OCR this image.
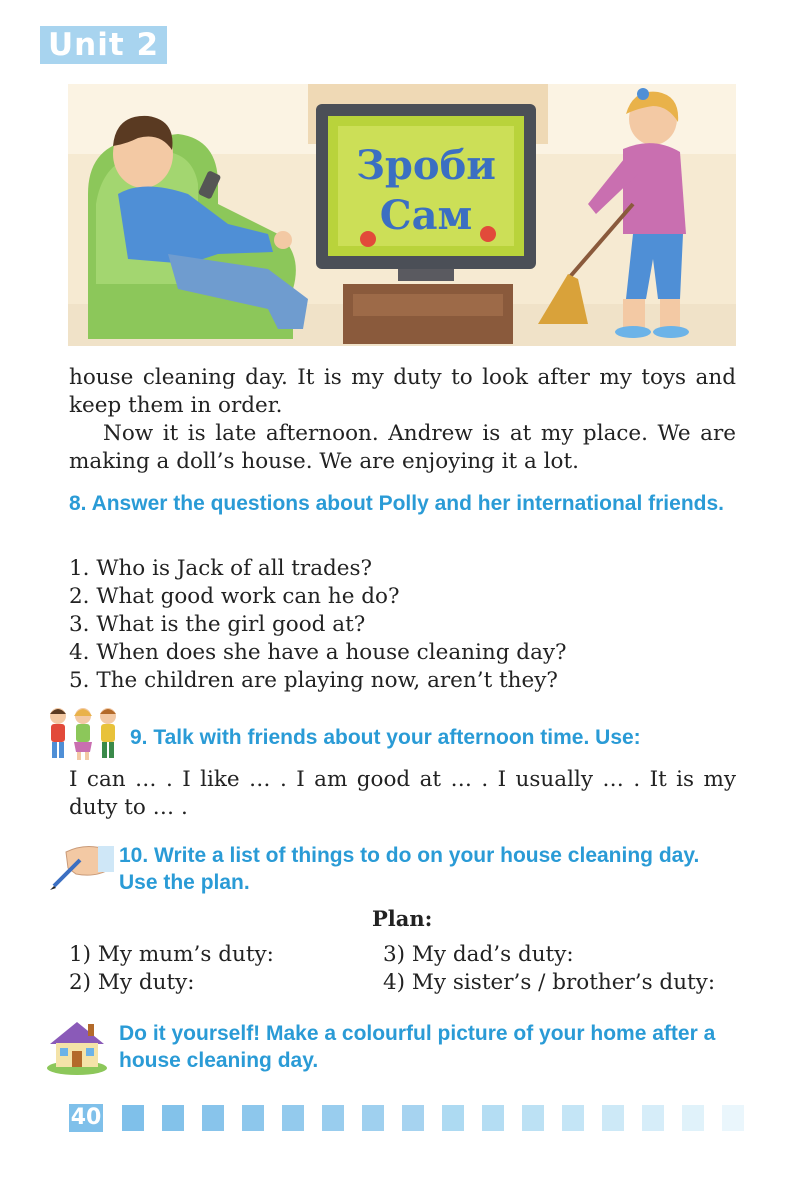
Unit 2
Зроби
Сам

house cleaning day. It is my duty to look after my toys and keep them in order.

Now it is late afternoon. Andrew is at my place. We are making a doll’s house. We are enjoying it a lot.

8. Answer the questions about Polly and her international friends.

1. Who is Jack of all trades?
2. What good work can he do?
3. What is the girl good at?
4. When does she have a house cleaning day?
5. The children are playing now, aren’t they?

9. Talk with friends about your afternoon time. Use:

I can … . I like … . I am good at … . I usually … . It is my duty to … .

10. Write a list of things to do on your house cleaning day. Use the plan.

Plan:
1) My mum’s duty:
2) My duty:
3) My dad’s duty:
4) My sister’s / brother’s duty:

Do it yourself! Make a colourful picture of your home after a house cleaning day.

40
